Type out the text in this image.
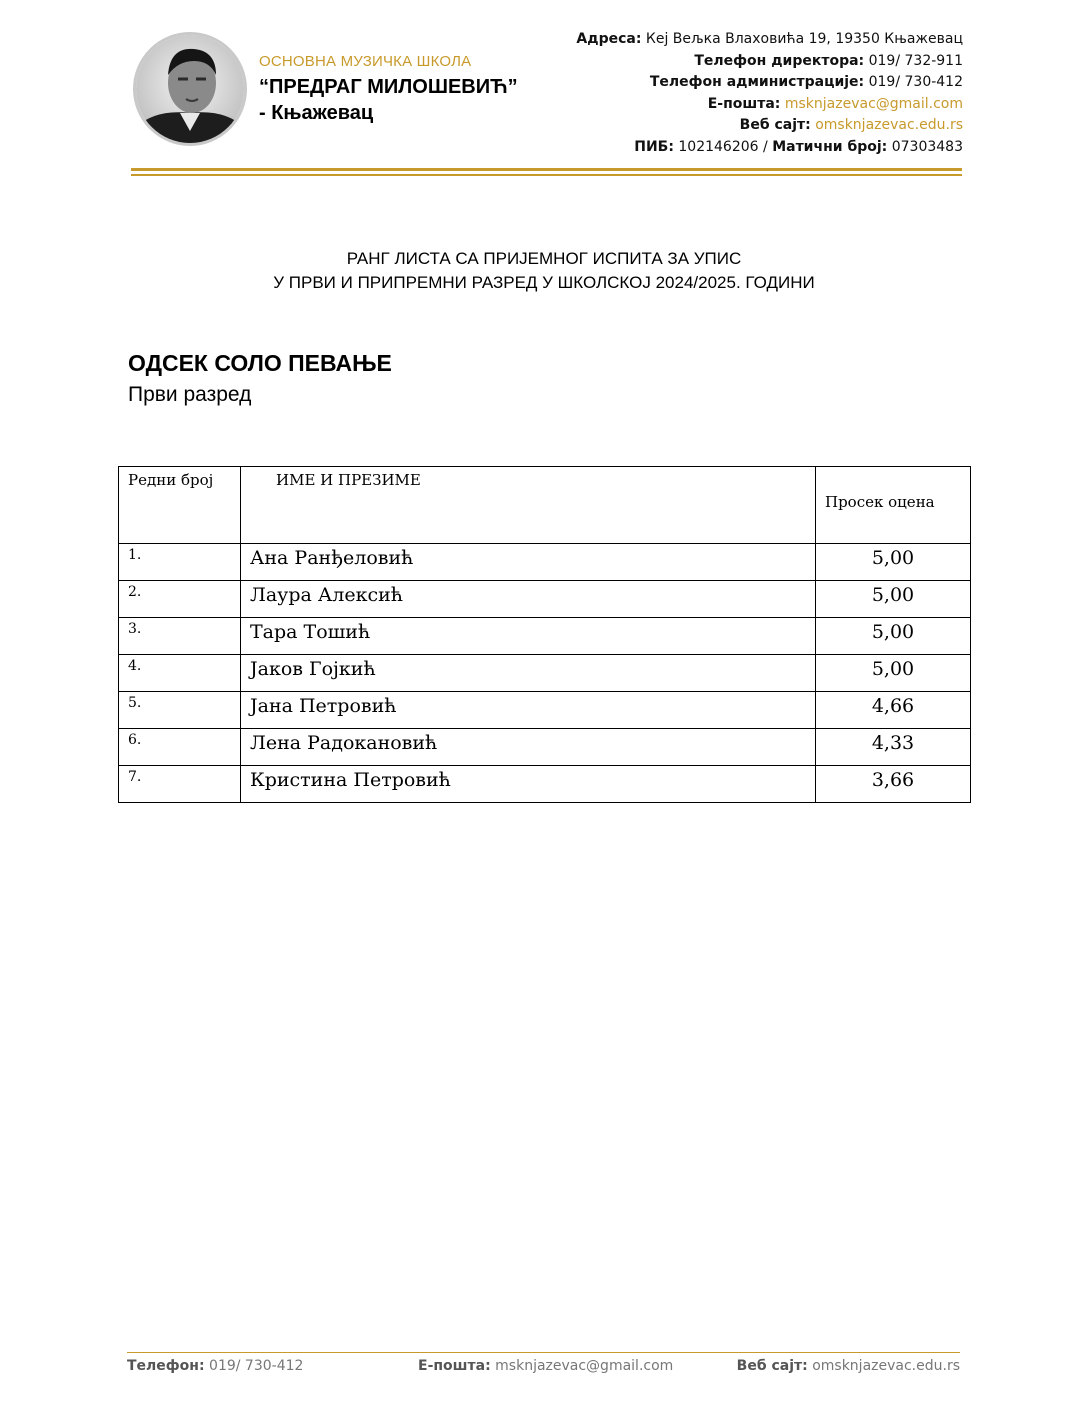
ОСНОВНА МУЗИЧКА ШКОЛА
“ПРЕДРАГ МИЛОШЕВИЋ”
- Књажевац
Адреса: Кеј Вељка Влаховића 19, 19350 Књажевац
Телефон директора: 019/ 732-911
Телефон администрације: 019/ 730-412
Е-пошта: msknjazevac@gmail.com
Веб сајт: omsknjazevac.edu.rs
ПИБ: 102146206 / Матични број: 07303483
РАНГ ЛИСТА СА ПРИЈЕМНОГ ИСПИТА ЗА УПИС
У ПРВИ И ПРИПРЕМНИ РАЗРЕД У ШКОЛСКОЈ 2024/2025. ГОДИНИ
ОДСЕК СОЛО ПЕВАЊЕ
Први разред
Редни број	ИМЕ И ПРЕЗИМЕ	Просек оцена
1.	Ана Ранђеловић	5,00
2.	Лаура Алексић	5,00
3.	Тара Тошић	5,00
4.	Јаков Гојкић	5,00
5.	Јана Петровић	4,66
6.	Лена Радокановић	4,33
7.	Кристина Петровић	3,66
Телефон: 019/ 730-412	Е-пошта: msknjazevac@gmail.com	Веб сајт: omsknjazevac.edu.rs
